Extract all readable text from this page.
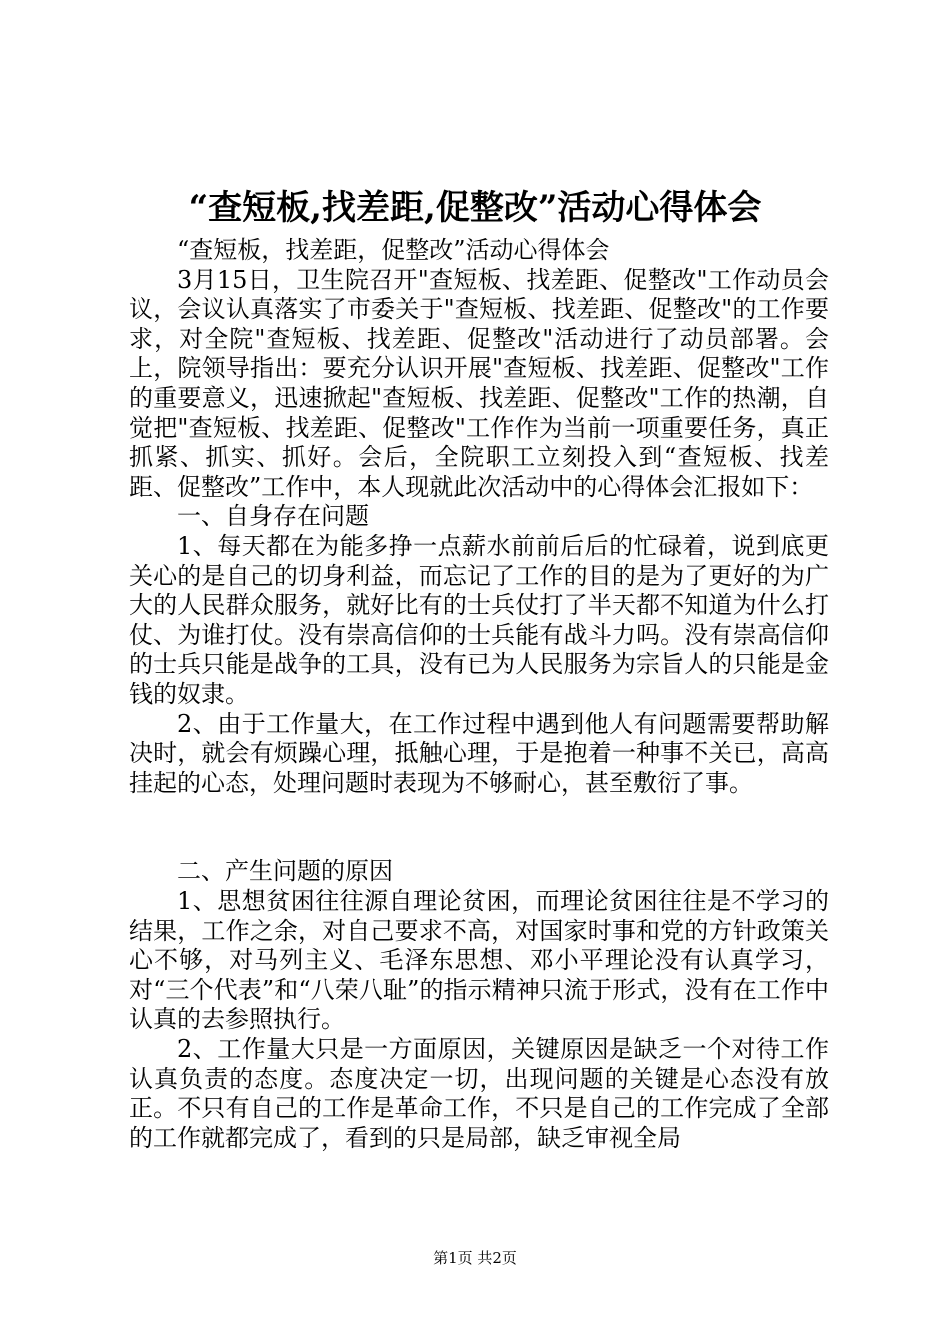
“查短板,找差距,促整改”活动心得体会

“查短板，找差距，促整改”活动心得体会

3月15日，卫生院召开"查短板、找差距、促整改"工作动员会议，会议认真落实了市委关于"查短板、找差距、促整改"的工作要求，对全院"查短板、找差距、促整改"活动进行了动员部署。会上，院领导指出：要充分认识开展"查短板、找差距、促整改"工作的重要意义，迅速掀起"查短板、找差距、促整改"工作的热潮，自觉把"查短板、找差距、促整改"工作作为当前一项重要任务，真正抓紧、抓实、抓好。会后，全院职工立刻投入到“查短板、找差距、促整改”工作中，本人现就此次活动中的心得体会汇报如下：

一、自身存在问题

1、每天都在为能多挣一点薪水前前后后的忙碌着，说到底更关心的是自己的切身利益，而忘记了工作的目的是为了更好的为广大的人民群众服务，就好比有的士兵仗打了半天都不知道为什么打仗、为谁打仗。没有崇高信仰的士兵能有战斗力吗。没有崇高信仰的士兵只能是战争的工具，没有已为人民服务为宗旨人的只能是金钱的奴隶。

2、由于工作量大，在工作过程中遇到他人有问题需要帮助解决时，就会有烦躁心理，抵触心理，于是抱着一种事不关已，高高挂起的心态，处理问题时表现为不够耐心，甚至敷衍了事。

二、产生问题的原因

1、思想贫困往往源自理论贫困，而理论贫困往往是不学习的结果，工作之余，对自己要求不高，对国家时事和党的方针政策关心不够，对马列主义、毛泽东思想、邓小平理论没有认真学习，对“三个代表”和“八荣八耻”的指示精神只流于形式，没有在工作中认真的去参照执行。

2、工作量大只是一方面原因，关键原因是缺乏一个对待工作认真负责的态度。态度决定一切，出现问题的关键是心态没有放正。不只有自己的工作是革命工作，不只是自己的工作完成了全部的工作就都完成了，看到的只是局部，缺乏审视全局

第1页 共2页
